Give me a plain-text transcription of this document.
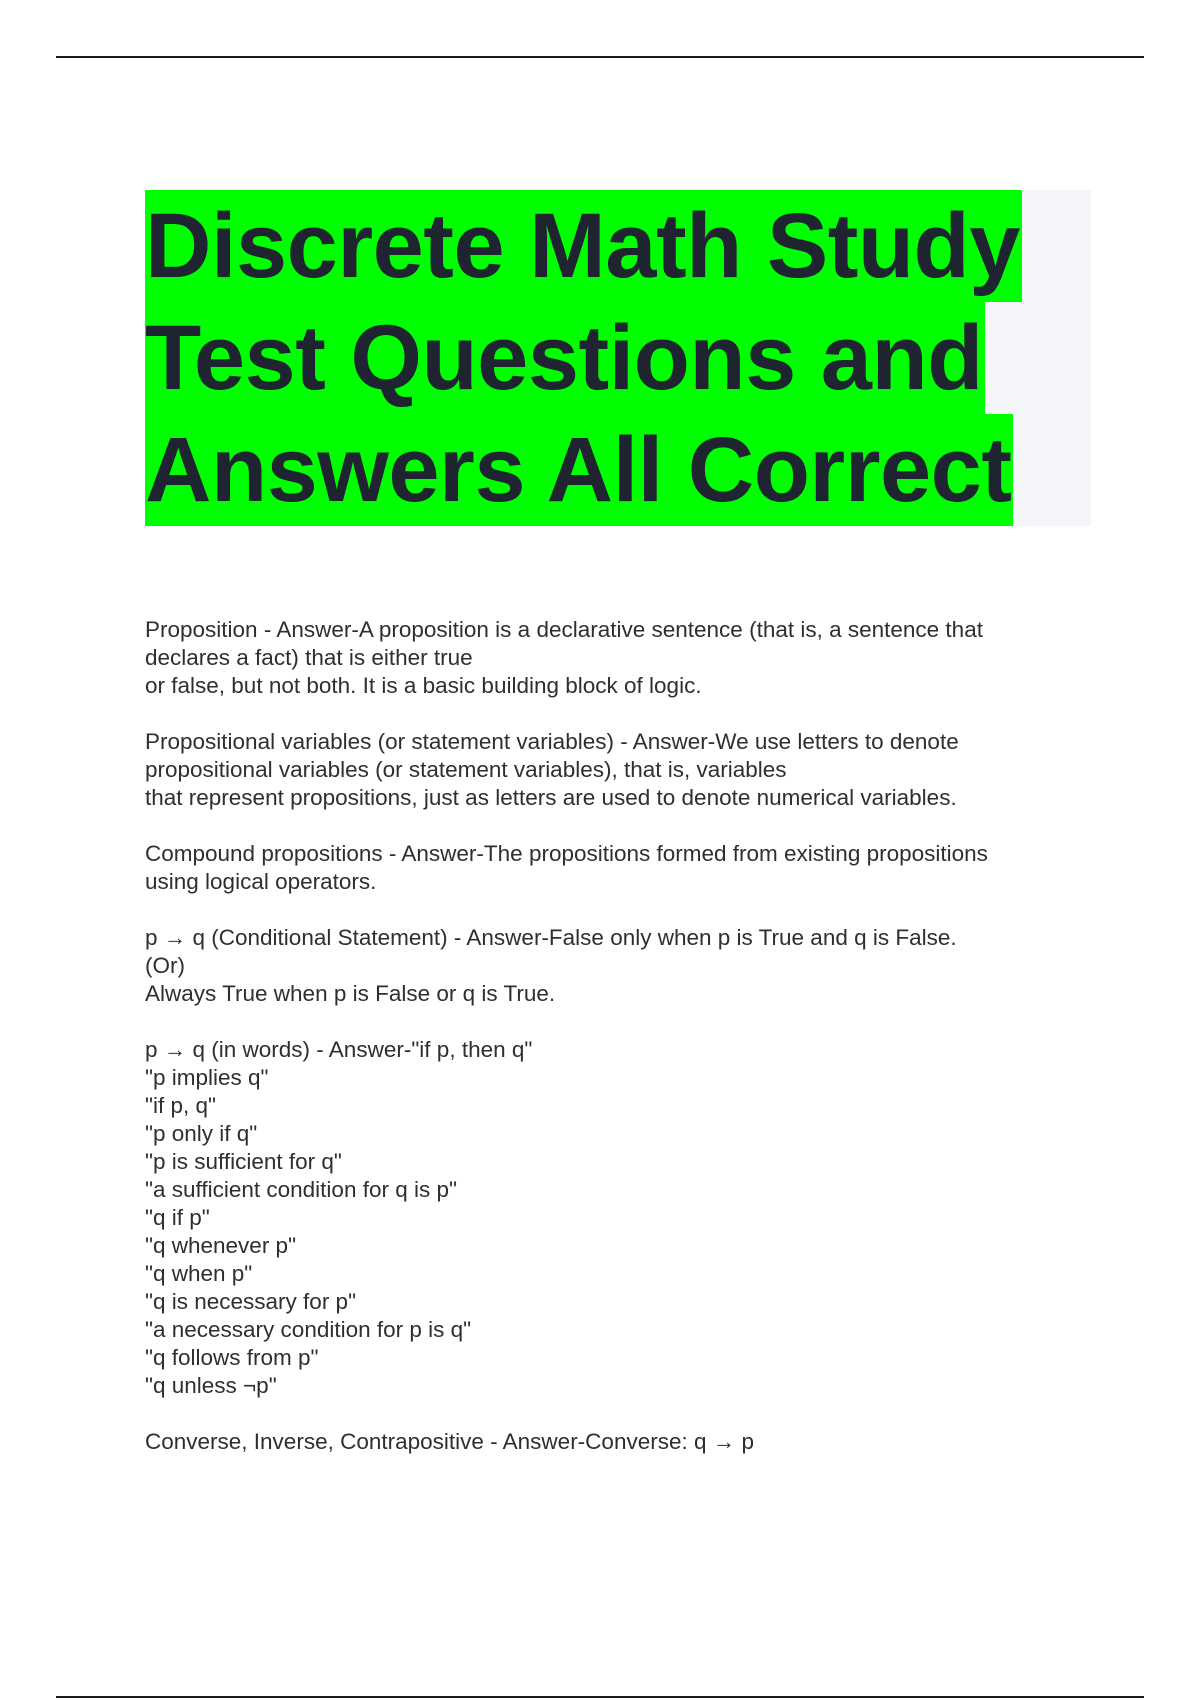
Discrete Math Study
Test Questions and
Answers All Correct
Proposition - Answer-A proposition is a declarative sentence (that is, a sentence that
declares a fact) that is either true
or false, but not both. It is a basic building block of logic.
Propositional variables (or statement variables) - Answer-We use letters to denote
propositional variables (or statement variables), that is, variables
that represent propositions, just as letters are used to denote numerical variables.
Compound propositions - Answer-The propositions formed from existing propositions
using logical operators.
p → q (Conditional Statement) - Answer-False only when p is True and q is False.
(Or)
Always True when p is False or q is True.
p → q (in words) - Answer-"if p, then q"
"p implies q"
"if p, q"
"p only if q"
"p is sufficient for q"
"a sufficient condition for q is p"
"q if p"
"q whenever p"
"q when p"
"q is necessary for p"
"a necessary condition for p is q"
"q follows from p"
"q unless ¬p"
Converse, Inverse, Contrapositive - Answer-Converse: q → p
